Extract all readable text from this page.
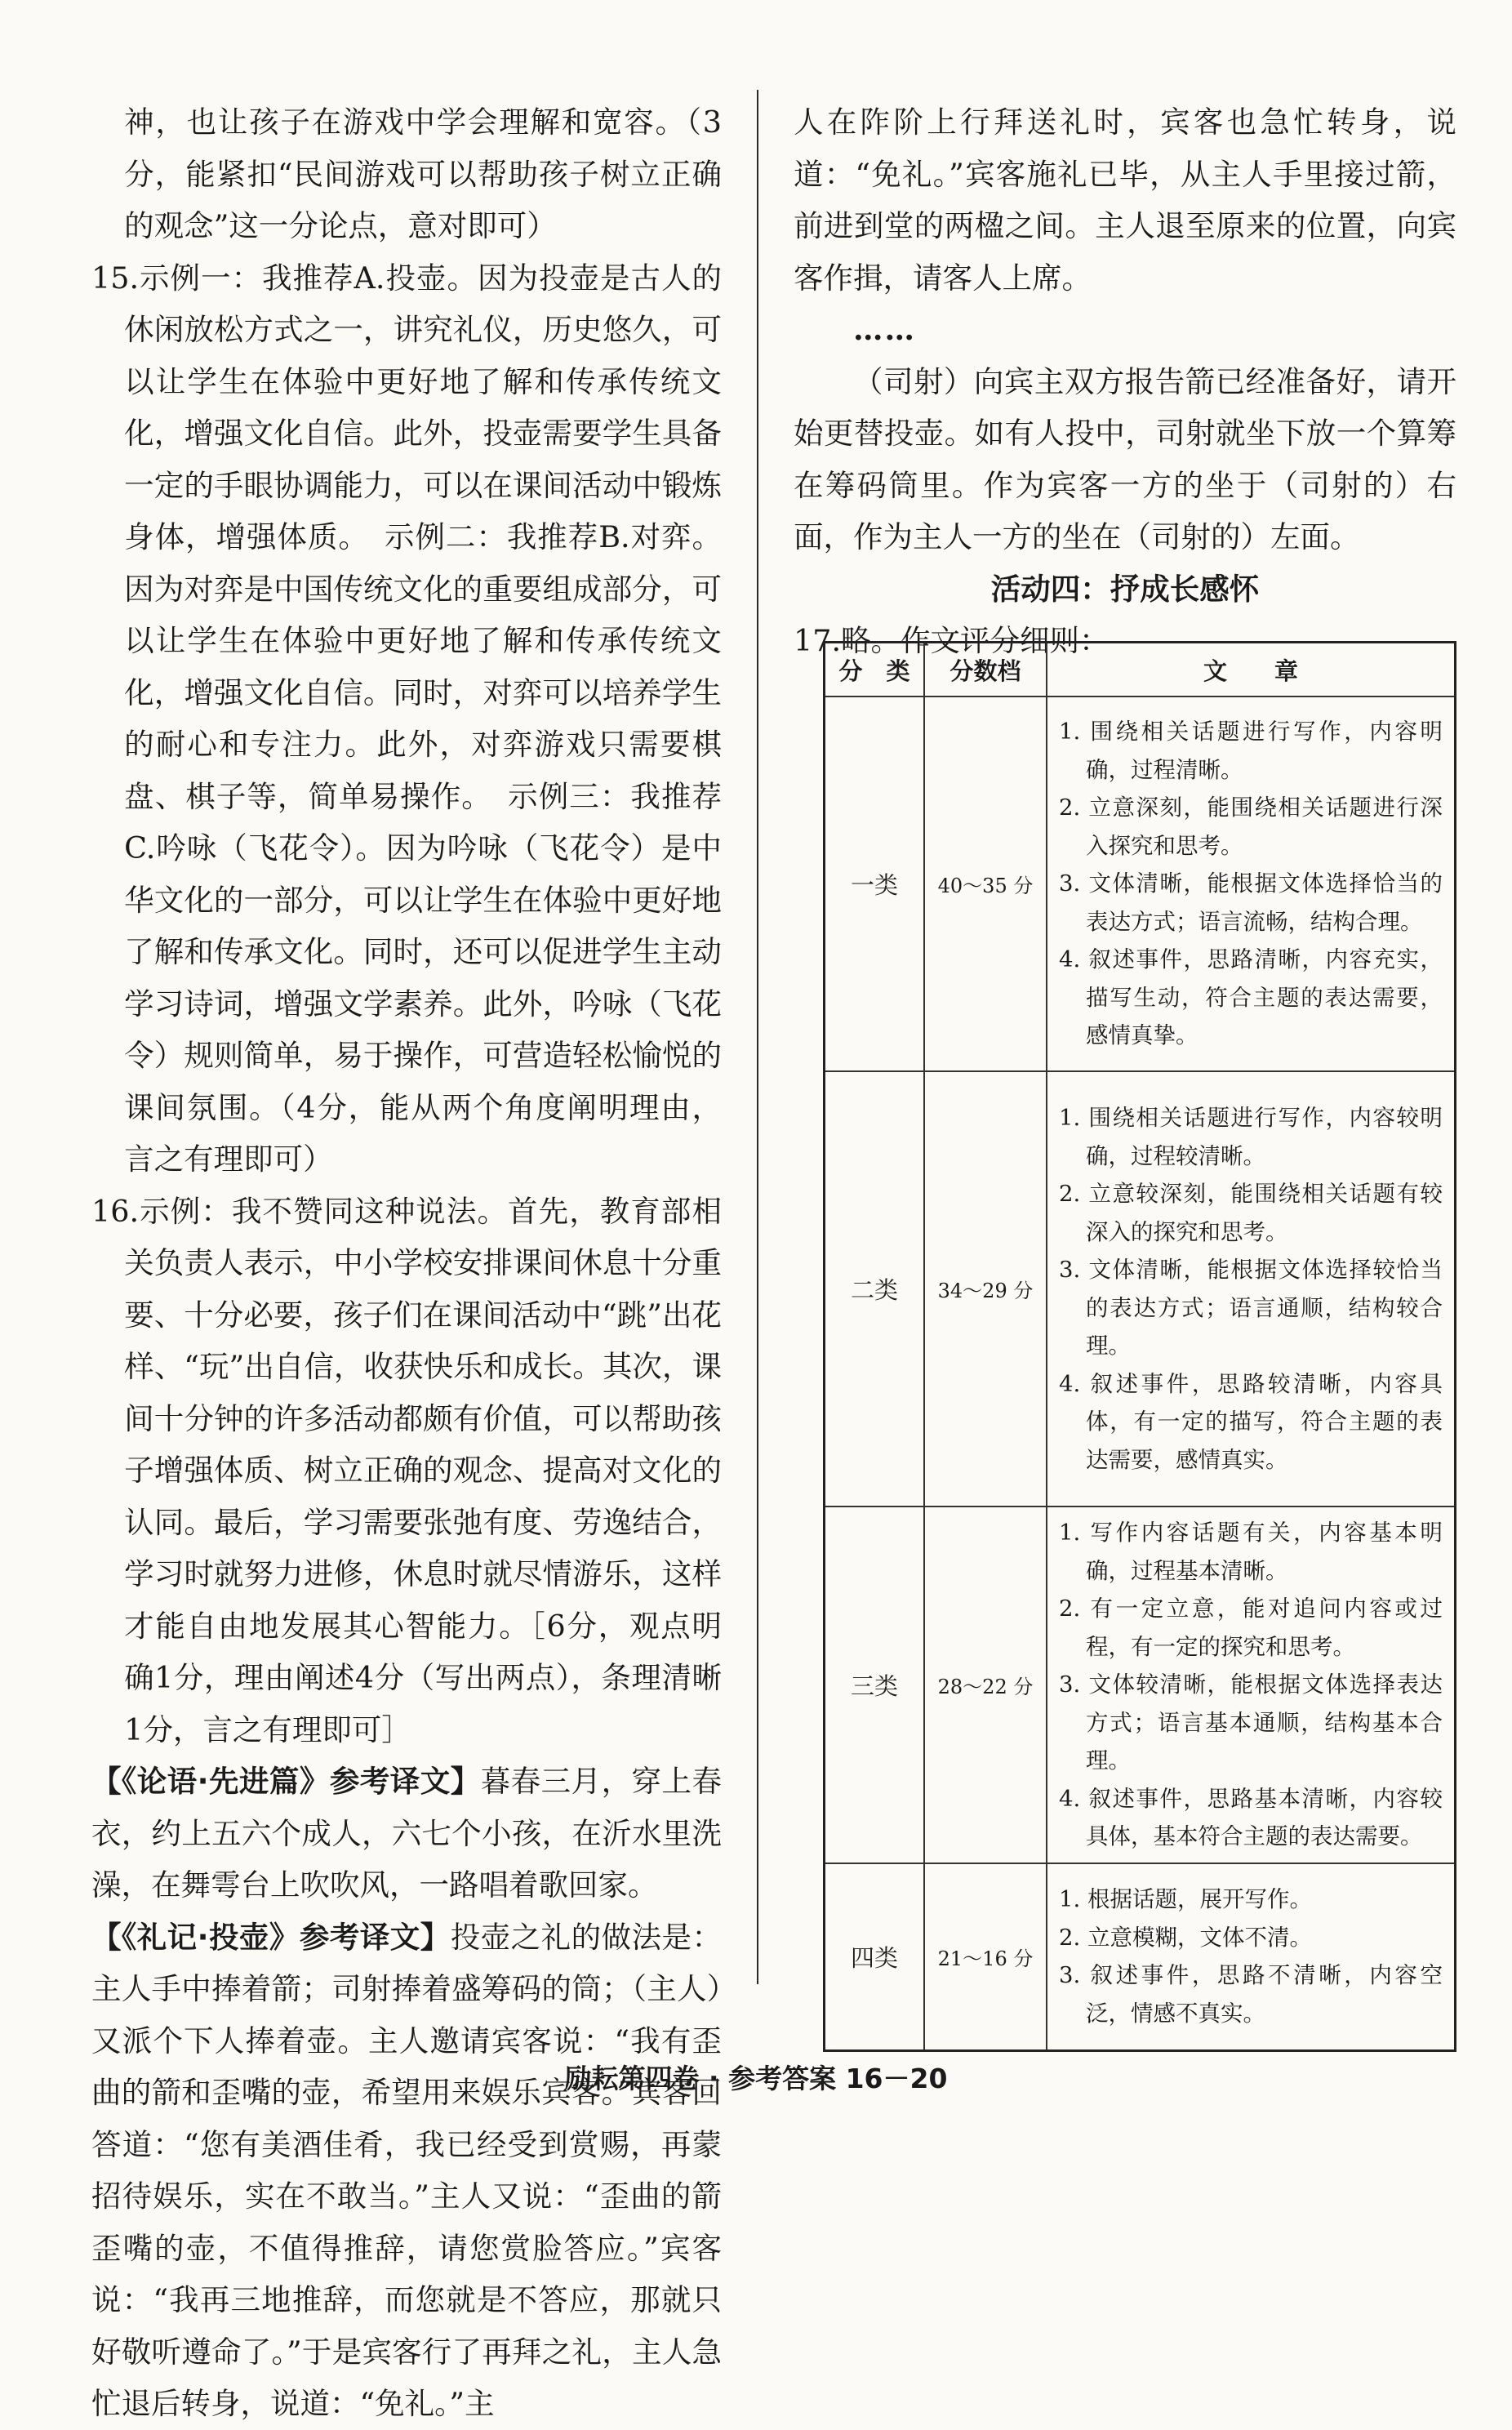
神，也让孩子在游戏中学会理解和宽容。（3分，能紧扣“民间游戏可以帮助孩子树立正确的观念”这一分论点，意对即可）

15.示例一：我推荐A.投壶。因为投壶是古人的休闲放松方式之一，讲究礼仪，历史悠久，可以让学生在体验中更好地了解和传承传统文化，增强文化自信。此外，投壶需要学生具备一定的手眼协调能力，可以在课间活动中锻炼身体，增强体质。　示例二：我推荐B.对弈。因为对弈是中国传统文化的重要组成部分，可以让学生在体验中更好地了解和传承传统文化，增强文化自信。同时，对弈可以培养学生的耐心和专注力。此外，对弈游戏只需要棋盘、棋子等，简单易操作。　示例三：我推荐C.吟咏（飞花令）。因为吟咏（飞花令）是中华文化的一部分，可以让学生在体验中更好地了解和传承文化。同时，还可以促进学生主动学习诗词，增强文学素养。此外，吟咏（飞花令）规则简单，易于操作，可营造轻松愉悦的课间氛围。（4分，能从两个角度阐明理由，言之有理即可）

16.示例：我不赞同这种说法。首先，教育部相关负责人表示，中小学校安排课间休息十分重要、十分必要，孩子们在课间活动中“跳”出花样、“玩”出自信，收获快乐和成长。其次，课间十分钟的许多活动都颇有价值，可以帮助孩子增强体质、树立正确的观念、提高对文化的认同。最后，学习需要张弛有度、劳逸结合，学习时就努力进修，休息时就尽情游乐，这样才能自由地发展其心智能力。［6分，观点明确1分，理由阐述4分（写出两点），条理清晰1分，言之有理即可］

【《论语·先进篇》参考译文】暮春三月，穿上春衣，约上五六个成人，六七个小孩，在沂水里洗澡，在舞雩台上吹吹风，一路唱着歌回家。

【《礼记·投壶》参考译文】投壶之礼的做法是：主人手中捧着箭；司射捧着盛筹码的筒；（主人）又派个下人捧着壶。主人邀请宾客说：“我有歪曲的箭和歪嘴的壶，希望用来娱乐宾客。”宾客回答道：“您有美酒佳肴，我已经受到赏赐，再蒙招待娱乐，实在不敢当。”主人又说：“歪曲的箭歪嘴的壶，不值得推辞，请您赏脸答应。”宾客说：“我再三地推辞，而您就是不答应，那就只好敬听遵命了。”于是宾客行了再拜之礼，主人急忙退后转身，说道：“免礼。”主

人在阼阶上行拜送礼时，宾客也急忙转身，说道：“免礼。”宾客施礼已毕，从主人手里接过箭，前进到堂的两楹之间。主人退至原来的位置，向宾客作揖，请客人上席。

……

（司射）向宾主双方报告箭已经准备好，请开始更替投壶。如有人投中，司射就坐下放一个算筹在筹码筒里。作为宾客一方的坐于（司射的）右面，作为主人一方的坐在（司射的）左面。

活动四：抒成长感怀

17.略。作文评分细则：

分　类	分数档	文　　章
一类	40～35 分	1. 围绕相关话题进行写作，内容明确，过程清晰。
2. 立意深刻，能围绕相关话题进行深入探究和思考。
3. 文体清晰，能根据文体选择恰当的表达方式；语言流畅，结构合理。
4. 叙述事件，思路清晰，内容充实，描写生动，符合主题的表达需要，感情真挚。

二类	34～29 分	1. 围绕相关话题进行写作，内容较明确，过程较清晰。
2. 立意较深刻，能围绕相关话题有较深入的探究和思考。
3. 文体清晰，能根据文体选择较恰当的表达方式；语言通顺，结构较合理。
4. 叙述事件，思路较清晰，内容具体，有一定的描写，符合主题的表达需要，感情真实。

三类	28～22 分	1. 写作内容话题有关，内容基本明确，过程基本清晰。
2. 有一定立意，能对追问内容或过程，有一定的探究和思考。
3. 文体较清晰，能根据文体选择表达方式；语言基本通顺，结构基本合理。
4. 叙述事件，思路基本清晰，内容较具体，基本符合主题的表达需要。

四类	21～16 分	1. 根据话题，展开写作。
2. 立意模糊，文体不清。
3. 叙述事件，思路不清晰，内容空泛，情感不真实。
励耘第四卷 · 参考答案 16－20
